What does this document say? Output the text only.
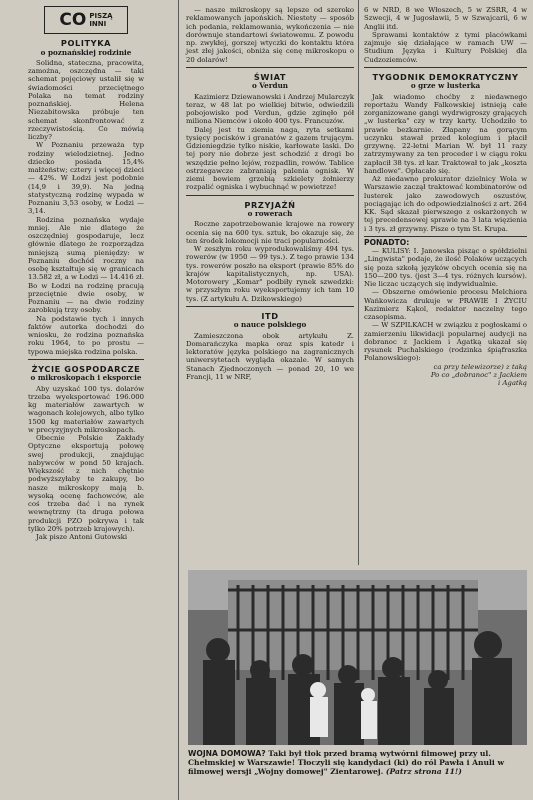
CO PISZĄ
INNI
POLITYKA
o poznańskiej rodzinie

Solidna, stateczna, pracowita, zamożna, oszczędna — taki schemat pojęciowy ustalił się w świadomości przeciętnego Polaka na temat rodziny poznańskiej. Helena Niezabitowska próbuje ten schemat skonfrontować z rzeczywistością. Co mówią liczby?

W Poznaniu przeważa typ rodziny wielodzietnej. Jedno dziecko posiada 15,4% małżeństw; cztery i więcej dzieci — 42%. W Łodzi jest podobnie (14,9 i 39,9). Na jedną statystyczną rodzinę wypada w Poznaniu 3,53 osoby, w Łodzi — 3,14.

Rodzina poznańska wydaje mniej. Ale nie dlatego że oszczędniej gospodaruje, lecz głównie dlatego że rozporządza mniejszą sumą pieniędzy: w Poznaniu dochód roczny na osobę kształtuje się w granicach 13.582 zł, a w Łodzi — 14.416 zł. Bo w Łodzi na rodzinę pracują przeciętnie dwie osoby, w Poznaniu — na dwie rodziny zarobkują trzy osoby.

Na podstawie tych i innych faktów autorka dochodzi do wniosku, że rodzina poznańska roku 1964, to po prostu — typowa miejska rodzina polska.

ŻYCIE GOSPODARCZE
o mikroskopach i eksporcie

Aby uzyskać 100 tys. dolarów trzeba wyeksportować 196.000 kg materiałów zawartych w wagonach kolejowych, albo tylko 1500 kg materiałów zawartych w precyzyjnych mikroskopach.

Obecnie Polskie Zakłady Optyczne eksportują połowę swej produkcji, znajdując nabywców w pond 50 krajach. Większość z nich chętnie podwyższyłaby te zakupy, bo nasze mikroskopy mają b. wysoką ocenę fachowców, ale coś trzeba dać i na rynek wewnętrzny (ta druga połowa produkcji PZO pokrywa i tak tylko 20% potrzeb krajowych).

Jak pisze Antoni Gutowski

— nasze mikroskopy są lepsze od szeroko reklamowanych japońskich. Niestety — sposób ich podania, reklamowania, wykończenia — nie dorównuje standartowi światowemu. Z powodu np. zwykłej, gorszej wtyczki do kontaktu która jest złej jakości, obniża się cenę mikroskopu o 20 dolarów!

ŚWIAT
o Verdun

Kazimierz Dziewanowski i Andrzej Mularczyk teraz, w 48 lat po wielkiej bitwie, odwiedzili pobojowisko pod Verdun, gdzie zginęło pół miliona Niemców i około 400 tys. Francuzów.

Dalej jest tu ziemia naga, ryta setkami tysięcy pocisków i granatów z gazem trującym. Gdzieniegdzie tylko niskie, karłowate laski. Do tej pory nie dobrze jest schodzić z drogi bo wszędzie pełno lejów, rozpadlin, rowów. Tablice ostrzegawcze zabraniają palenia ognisk. W ziemi bowiem grzebią szkielety żołnierzy rozpalić ogniska i wybuchnąć w powietrze!

PRZYJAŹŃ
o rowerach

Roczne zapotrzebowanie krajowe na rowery ocenia się na 600 tys. sztuk, bo okazuje się, że ten środek lokomocji nie traci popularności.

W zeszłym roku wyprodukowaliśmy 494 tys. rowerów (w 1950 — 99 tys.). Z tego prawie 134 tys. rowerów poszło na eksport (prawie 85% do krajów kapitalistycznych, np. USA). Motorowery „Komar" podbiły rynek szwedzki: w przyszłym roku wyeksportujemy ich tam 10 tys. (Z artykułu A. Dzikowskiego)

ITD
o nauce polskiego

Zamieszczona obok artykułu Z. Domarańczyka mapka oraz spis katedr i lektoratów języka polskiego na zagranicznych uniwersytetach wygląda okazale. W samych Stanach Zjednoczonych — ponad 20, 10 we Francji, 11 w NRF,

6 w NRD, 8 we Włoszech, 5 w ZSRR, 4 w Szwecji, 4 w Jugosławii, 5 w Szwajcarii, 6 w Anglii itd.

Sprawami kontaktów z tymi placówkami zajmuje się działające w ramach UW — Studium Języka i Kultury Polskiej dla Cudzoziemców.

TYGODNIK DEMOKRATYCZNY
o grze w lusterka

Jak wiadomo choćby z niedawnego reportażu Wandy Falkowskiej istnieją całe zorganizowane gangi wydrwigroszy grających „w lusterka" czy w trzy karty. Uchodziło to prawie bezkarnie. Złapany na gorącym uczynku stawał przed kolegium i płacił grzywnę. 22-letni Marian W. był 11 razy zatrzymywany za ten proceder i w ciągu roku zapłacił 38 tys. zł kar. Traktował to jak „koszta handlowe". Opłacało się.

Aż niedawno prokurator dzielnicy Wola w Warszawie zaczął traktować kombinatorów od lusterek jako zawodowych oszustów, pociągając ich do odpowiedzialności z art. 264 KK. Sąd skazał pierwszego z oskarżonych w tej precedensowej sprawie na 3 lata więzienia i 3 tys. zł grzywny. Pisze o tym St. Krupa.

PONADTO:

— KULISY: I. Janowska pisząc o spółdzielni „Lingwista" podaje, że ilość Polaków uczących się poza szkołą języków obcych ocenia się na 150—200 tys. (jest 3—4 tys. różnych kursów). Nie liczac uczących się indywidualnie.

— Obszerne omówienie procesu Melchiora Wańkowicza drukuje w PRAWIE I ŻYCIU Kazimierz Kąkol, redaktor naczelny tego czasopisma.

— W SZPILKACH w związku z pogłoskami o zamierzeniu likwidacji popularnej audycji na dobranoc z Jackiem i Agatką ukazał się rysunek Puchalskiego (rodzinka śpiąfraszka Polanowskiego):

ca przy telewizorze) z taką
Po co „dobranoc" z Jackiem
i Agatką
WOJNA DOMOWA? Taki był tłok przed bramą wytwórni filmowej przy ul. Chełmskiej w Warszawie! Tłoczyli się kandydaci (ki) do ról Pawła i Anuli w filmowej wersji „Wojny domowej" Zientarowej. (Patrz strona 11!)
